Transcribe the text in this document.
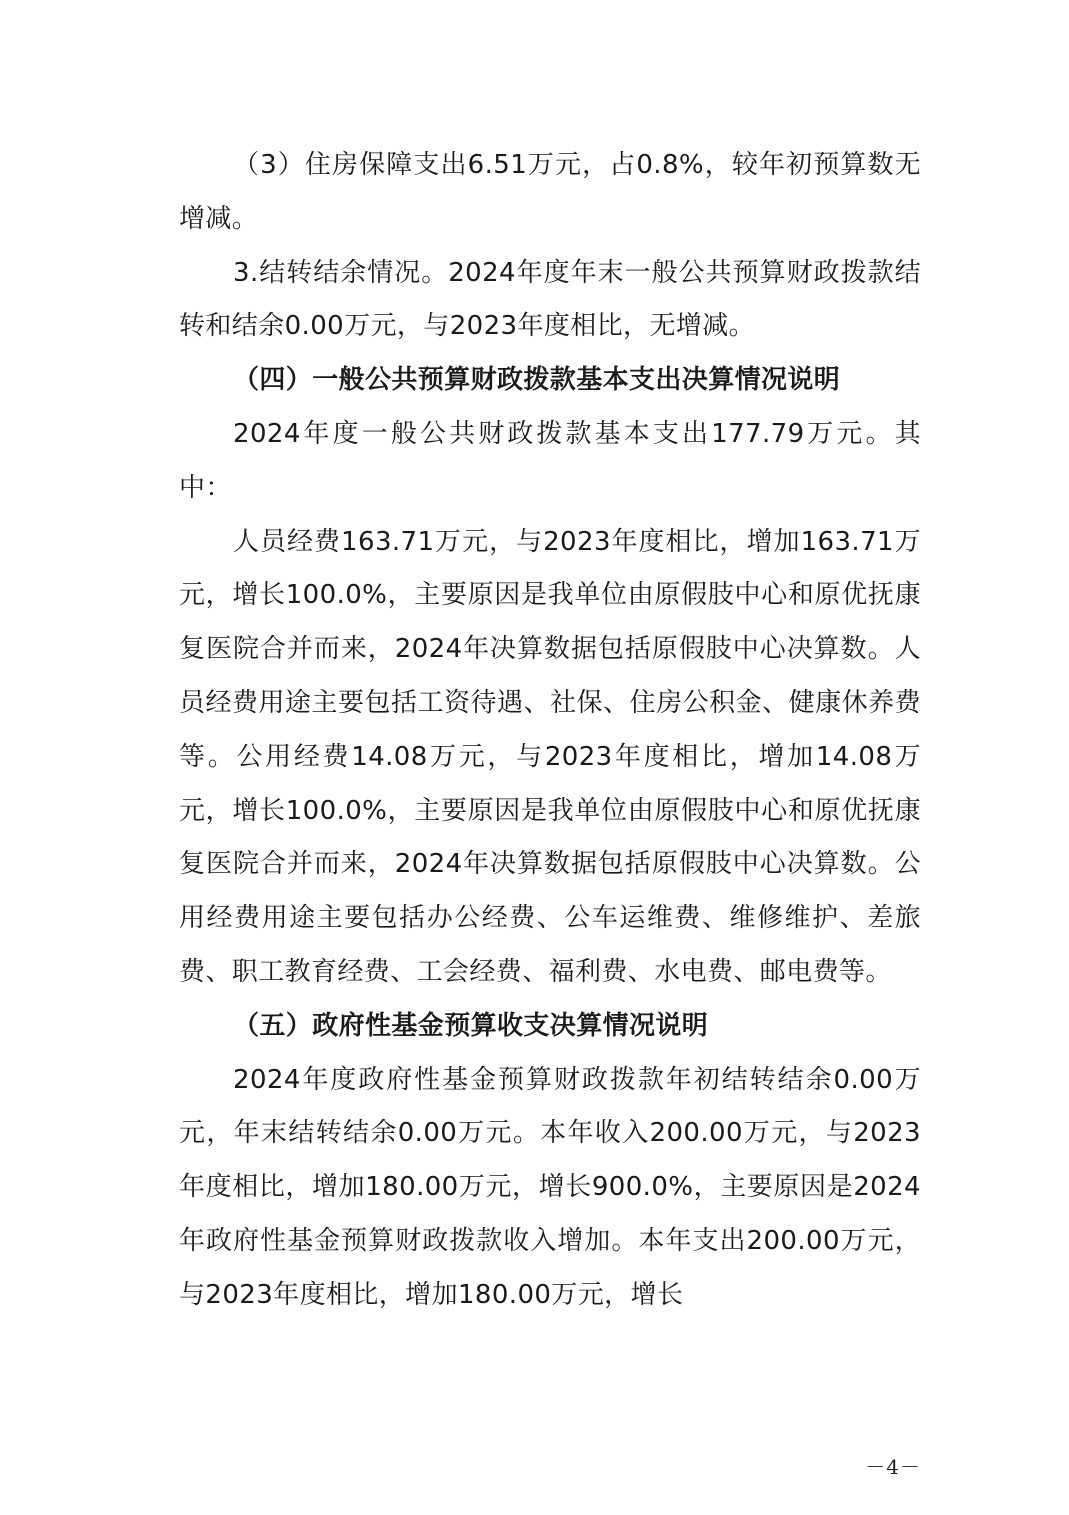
（3）住房保障支出6.51万元，占0.8%，较年初预算数无增减。

3.结转结余情况。2024年度年末一般公共预算财政拨款结转和结余0.00万元，与2023年度相比，无增减。

（四）一般公共预算财政拨款基本支出决算情况说明

2024年度一般公共财政拨款基本支出177.79万元。其中：

人员经费163.71万元，与2023年度相比，增加163.71万元，增长100.0%，主要原因是我单位由原假肢中心和原优抚康复医院合并而来，2024年决算数据包括原假肢中心决算数。人员经费用途主要包括工资待遇、社保、住房公积金、健康休养费等。公用经费14.08万元，与2023年度相比，增加14.08万元，增长100.0%，主要原因是我单位由原假肢中心和原优抚康复医院合并而来，2024年决算数据包括原假肢中心决算数。公用经费用途主要包括办公经费、公车运维费、维修维护、差旅费、职工教育经费、工会经费、福利费、水电费、邮电费等。

（五）政府性基金预算收支决算情况说明

2024年度政府性基金预算财政拨款年初结转结余0.00万元，年末结转结余0.00万元。本年收入200.00万元，与2023年度相比，增加180.00万元，增长900.0%，主要原因是2024年政府性基金预算财政拨款收入增加。本年支出200.00万元，与2023年度相比，增加180.00万元，增长

－4－
